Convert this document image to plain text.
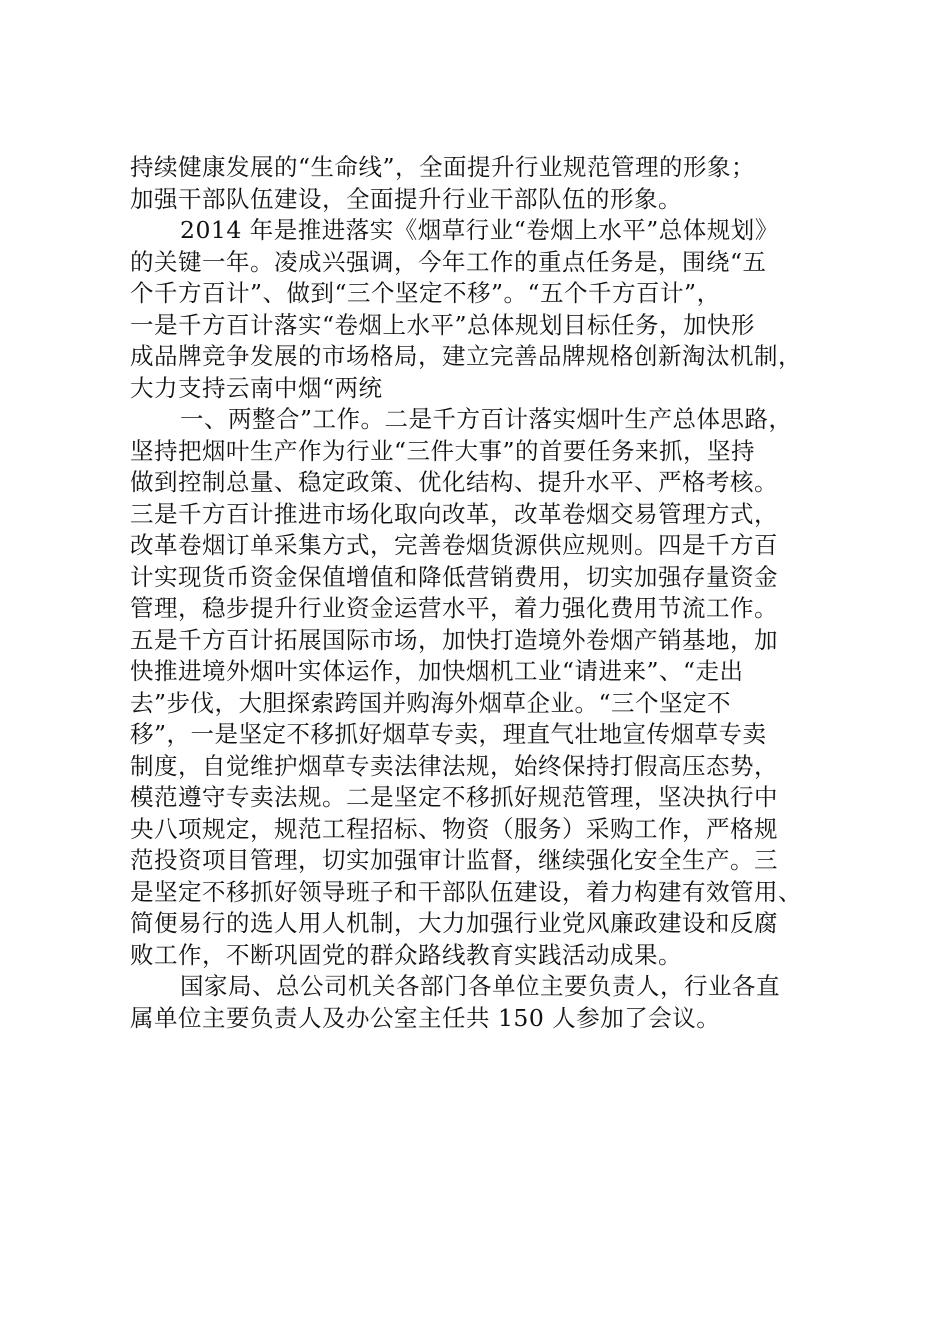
持续健康发展的“生命线”，全面提升行业规范管理的形象；
加强干部队伍建设，全面提升行业干部队伍的形象。
2014 年是推进落实《烟草行业“卷烟上水平”总体规划》
的关键一年。凌成兴强调，今年工作的重点任务是，围绕“五
个千方百计”、做到“三个坚定不移”。“五个千方百计”，
一是千方百计落实“卷烟上水平”总体规划目标任务，加快形
成品牌竞争发展的市场格局，建立完善品牌规格创新淘汰机制，
大力支持云南中烟“两统
一、两整合”工作。二是千方百计落实烟叶生产总体思路，
坚持把烟叶生产作为行业“三件大事”的首要任务来抓，坚持
做到控制总量、稳定政策、优化结构、提升水平、严格考核。
三是千方百计推进市场化取向改革，改革卷烟交易管理方式，
改革卷烟订单采集方式，完善卷烟货源供应规则。四是千方百
计实现货币资金保值增值和降低营销费用，切实加强存量资金
管理，稳步提升行业资金运营水平，着力强化费用节流工作。
五是千方百计拓展国际市场，加快打造境外卷烟产销基地，加
快推进境外烟叶实体运作，加快烟机工业“请进来”、“走出
去”步伐，大胆探索跨国并购海外烟草企业。“三个坚定不
移”，一是坚定不移抓好烟草专卖，理直气壮地宣传烟草专卖
制度，自觉维护烟草专卖法律法规，始终保持打假高压态势，
模范遵守专卖法规。二是坚定不移抓好规范管理，坚决执行中
央八项规定，规范工程招标、物资（服务）采购工作，严格规
范投资项目管理，切实加强审计监督，继续强化安全生产。三
是坚定不移抓好领导班子和干部队伍建设，着力构建有效管用、
简便易行的选人用人机制，大力加强行业党风廉政建设和反腐
败工作，不断巩固党的群众路线教育实践活动成果。
国家局、总公司机关各部门各单位主要负责人，行业各直
属单位主要负责人及办公室主任共 150 人参加了会议。
